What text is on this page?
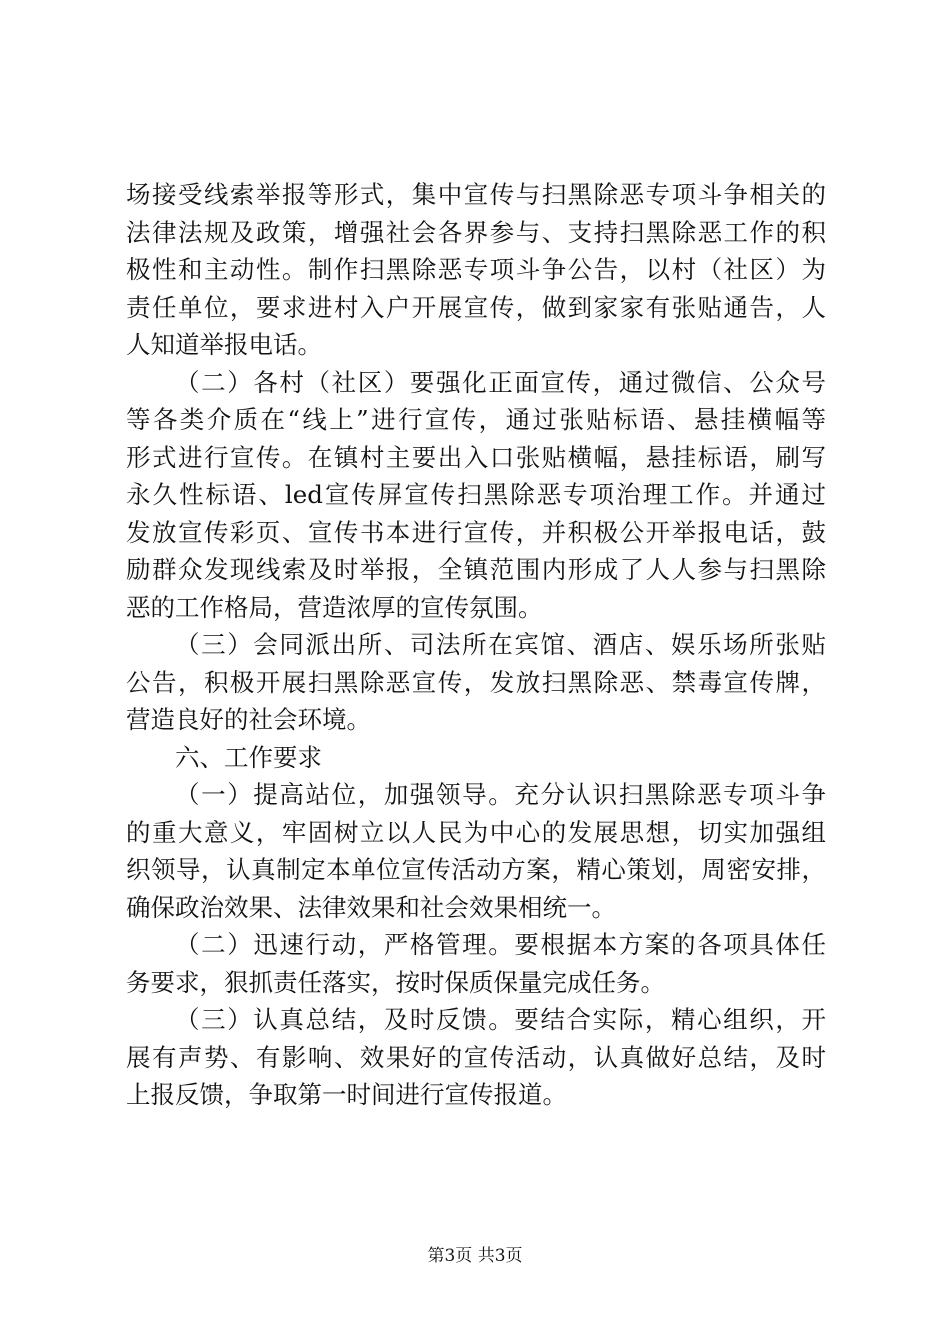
场接受线索举报等形式，集中宣传与扫黑除恶专项斗争相关的
法律法规及政策，增强社会各界参与、支持扫黑除恶工作的积
极性和主动性。制作扫黑除恶专项斗争公告，以村（社区）为
责任单位，要求进村入户开展宣传，做到家家有张贴通告，人
人知道举报电话。
（二）各村（社区）要强化正面宣传，通过微信、公众号
等各类介质在“线上”进行宣传，通过张贴标语、悬挂横幅等
形式进行宣传。在镇村主要出入口张贴横幅，悬挂标语，刷写
永久性标语、led宣传屏宣传扫黑除恶专项治理工作。并通过
发放宣传彩页、宣传书本进行宣传，并积极公开举报电话，鼓
励群众发现线索及时举报，全镇范围内形成了人人参与扫黑除
恶的工作格局，营造浓厚的宣传氛围。
（三）会同派出所、司法所在宾馆、酒店、娱乐场所张贴
公告，积极开展扫黑除恶宣传，发放扫黑除恶、禁毒宣传牌，
营造良好的社会环境。
六、工作要求
（一）提高站位，加强领导。充分认识扫黑除恶专项斗争
的重大意义，牢固树立以人民为中心的发展思想，切实加强组
织领导，认真制定本单位宣传活动方案，精心策划，周密安排，
确保政治效果、法律效果和社会效果相统一。
（二）迅速行动，严格管理。要根据本方案的各项具体任
务要求，狠抓责任落实，按时保质保量完成任务。
（三）认真总结，及时反馈。要结合实际，精心组织，开
展有声势、有影响、效果好的宣传活动，认真做好总结，及时
上报反馈，争取第一时间进行宣传报道。
第3页 共3页
